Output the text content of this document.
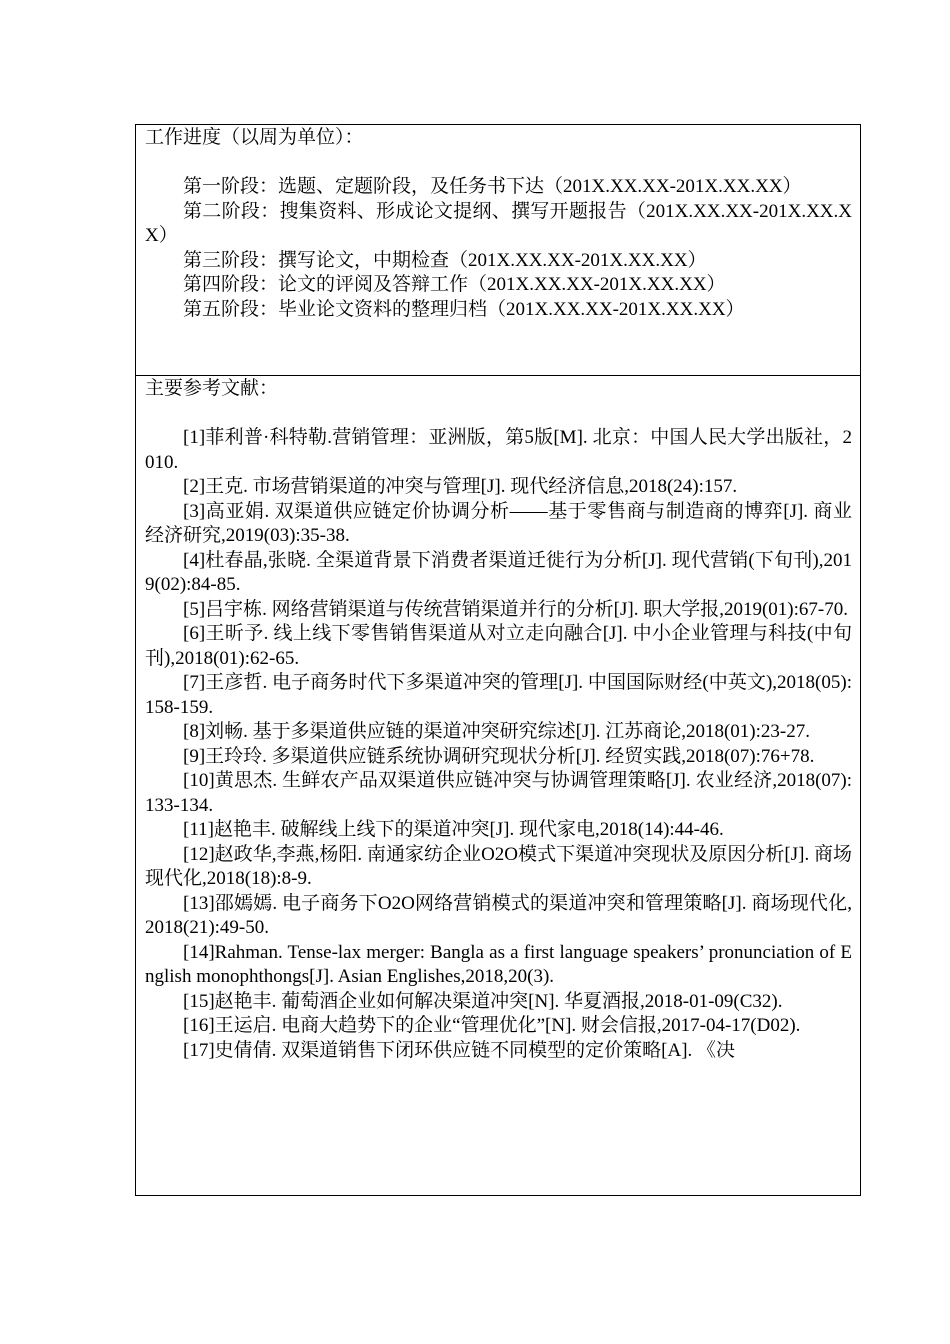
工作进度（以周为单位）：

第一阶段：选题、定题阶段，及任务书下达（201X.XX.XX-201X.XX.XX）

第二阶段：搜集资料、形成论文提纲、撰写开题报告（201X.XX.XX-201X.XX.XX）

第三阶段：撰写论文，中期检查（201X.XX.XX-201X.XX.XX）

第四阶段：论文的评阅及答辩工作（201X.XX.XX-201X.XX.XX）

第五阶段：毕业论文资料的整理归档（201X.XX.XX-201X.XX.XX）

主要参考文献：

[1]菲利普·科特勒.营销管理：亚洲版，第5版[M]. 北京：中国人民大学出版社，2010.

[2]王克. 市场营销渠道的冲突与管理[J]. 现代经济信息,2018(24):157.

[3]高亚娟. 双渠道供应链定价协调分析——基于零售商与制造商的博弈[J]. 商业经济研究,2019(03):35-38.

[4]杜春晶,张晓. 全渠道背景下消费者渠道迁徙行为分析[J]. 现代营销(下旬刊),2019(02):84-85.

[5]吕宇栋. 网络营销渠道与传统营销渠道并行的分析[J]. 职大学报,2019(01):67-70.

[6]王昕予. 线上线下零售销售渠道从对立走向融合[J]. 中小企业管理与科技(中旬刊),2018(01):62-65.

[7]王彦哲. 电子商务时代下多渠道冲突的管理[J]. 中国国际财经(中英文),2018(05):158-159.

[8]刘畅. 基于多渠道供应链的渠道冲突研究综述[J]. 江苏商论,2018(01):23-27.

[9]王玲玲. 多渠道供应链系统协调研究现状分析[J]. 经贸实践,2018(07):76+78.

[10]黄思杰. 生鲜农产品双渠道供应链冲突与协调管理策略[J]. 农业经济,2018(07):133-134.

[11]赵艳丰. 破解线上线下的渠道冲突[J]. 现代家电,2018(14):44-46.

[12]赵政华,李燕,杨阳. 南通家纺企业O2O模式下渠道冲突现状及原因分析[J]. 商场现代化,2018(18):8-9.

[13]邵嫣嫣. 电子商务下O2O网络营销模式的渠道冲突和管理策略[J]. 商场现代化,2018(21):49-50.

[14]Rahman. Tense-lax merger: Bangla as a first language speakers’ pronunciation of English monophthongs[J]. Asian Englishes,2018,20(3).

[15]赵艳丰. 葡萄酒企业如何解决渠道冲突[N]. 华夏酒报,2018-01-09(C32).

[16]王运启. 电商大趋势下的企业“管理优化”[N]. 财会信报,2017-04-17(D02).

[17]史倩倩. 双渠道销售下闭环供应链不同模型的定价策略[A]. 《决
